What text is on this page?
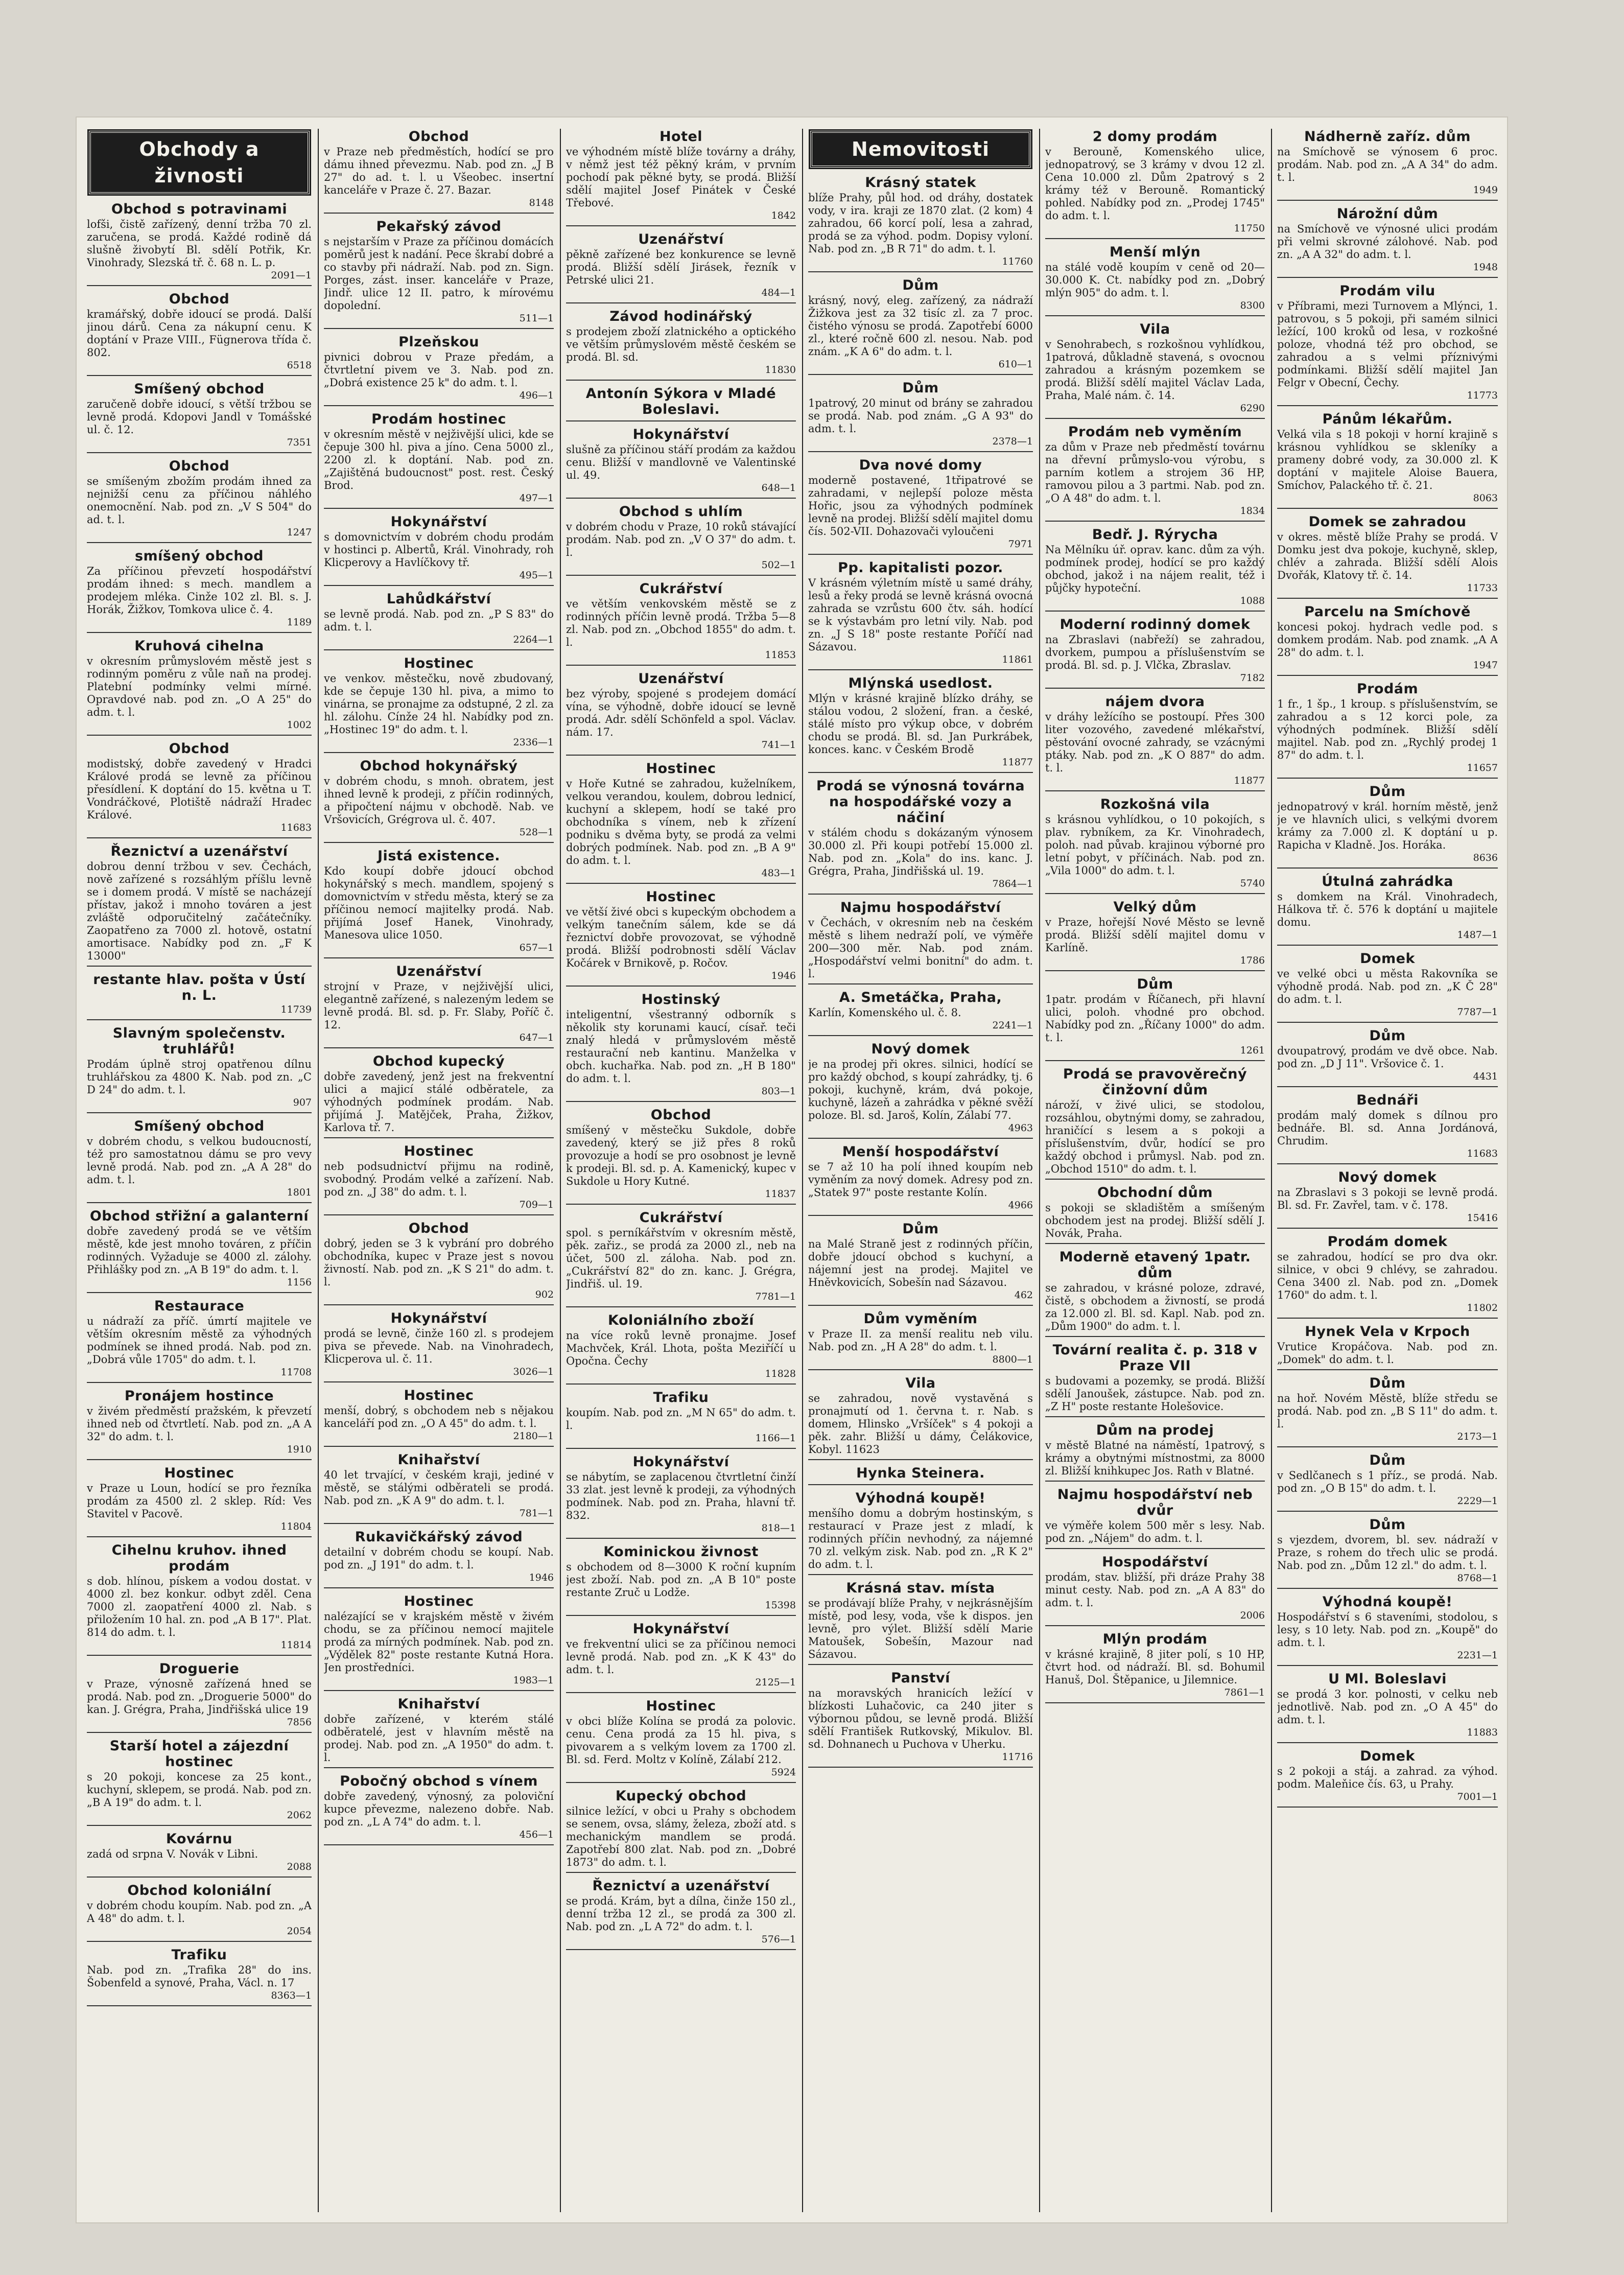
Obchody a živnosti
Obchod s potravinami

lofši, čistě zařízený, denní tržba 70 zl. zaručena, se prodá. Každé rodině dá slušně živobytí Bl. sdělí Potřik, Kr. Vinohrady, Slezská tř. č. 68 n. L. p.

2091—1
Obchod

kramářský, dobře idoucí se prodá. Další jinou dárů. Cena za nákupní cenu. K doptání v Praze VIII., Fügnerova třída č. 802.

6518
Smíšený obchod

zaručeně dobře idoucí, s větší tržbou se levně prodá. Kdopovi Jandl v Tomášské ul. č. 12.

7351
Obchod

se smíšeným zbožím prodám ihned za nejnižší cenu za příčinou náhlého onemocnění. Nab. pod zn. „V S 504" do ad. t. l.

1247
smíšený obchod

Za příčinou převzetí hospodářství prodám ihned: s mech. mandlem a prodejem mléka. Cinže 102 zl. Bl. s. J. Horák, Žižkov, Tomkova ulice č. 4.

1189
Kruhová cihelna

v okresním průmyslovém městě jest s rodinným poměru z vůle naň na prodej. Platební podmínky velmi mírné. Opravdové nab. pod zn. „O A 25" do adm. t. l.

1002
Obchod

modistský, dobře zavedený v Hradci Králové prodá se levně za příčinou přesídlení. K doptání do 15. května u T. Vondráčkové, Plotiště nádraží Hradec Králové.

11683
Řeznictví a uzenářství

dobrou denní tržbou v sev. Čechách, nově zařízené s rozsáhlým příšlu levně se i domem prodá. V místě se nacházejí přístav, jakož i mnoho továren a jest zvláště odporučitelný začátečníky. Zaopatřeno za 7000 zl. hotově, ostatní amortisace. Nabídky pod zn. „F K 13000"

restante hlav. pošta v Ústí n. L.
11739
Slavným společenstv. truhlářů!

Prodám úplně stroj opatřenou dílnu truhlářskou za 4800 K. Nab. pod zn. „C D 24" do adm. t. l.

907
Smíšený obchod

v dobrém chodu, s velkou budoucností, též pro samostatnou dámu se pro vevy levně prodá. Nab. pod zn. „A A 28" do adm. t. l.

1801
Obchod střižní a galanterní

dobře zavedený prodá se ve větším městě, kde jest mnoho továren, z příčin rodinných. Vyžaduje se 4000 zl. zálohy. Přihlášky pod zn. „A B 19" do adm. t. l.

1156
Restaurace

u nádraží za příč. úmrtí majitele ve větším okresním městě za výhodných podmínek se ihned prodá. Nab. pod zn. „Dobrá vůle 1705" do adm. t. l.

11708
Pronájem hostince

v živém předměstí pražském, k převzetí ihned neb od čtvrtletí. Nab. pod zn. „A A 32" do adm. t. l.

1910
Hostinec

v Praze u Loun, hodící se pro řezníka prodám za 4500 zl. 2 sklep. Ríd: Ves Stavitel v Pacově.

11804
Cihelnu kruhov. ihned prodám

s dob. hlínou, pískem a vodou dostat. v 4000 zl. bez konkur. odbyt zděl. Cena 7000 zl. zaopatření 4000 zl. Nab. s přiložením 10 hal. zn. pod „A B 17". Plat. 814 do adm. t. l.

11814
Droguerie

v Praze, výnosně zařízená hned se prodá. Nab. pod zn. „Droguerie 5000" do kan. J. Grégra, Praha, Jindřišská ulice 19

7856
Starší hotel a zájezdní hostinec

s 20 pokoji, koncese za 25 kont., kuchyní, sklepem, se prodá. Nab. pod zn. „B A 19" do adm. t. l.

2062
Kovárnu

zadá od srpna V. Novák v Libni.

2088
Obchod koloniální

v dobrém chodu koupím. Nab. pod zn. „A A 48" do adm. t. l.

2054
Trafiku

Nab. pod zn. „Trafika 28" do ins. Šobenfeld a synové, Praha, Václ. n. 17

8363—1
Obchod

v Praze neb předměstích, hodící se pro dámu ihned převezmu. Nab. pod zn. „J B 27" do ad. t. l. u Všeobec. insertní kanceláře v Praze č. 27. Bazar.

8148
Pekařský závod

s nejstarším v Praze za příčinou domácích poměrů jest k nadání. Pece škrabí dobré a co stavby při nádraží. Nab. pod zn. Sign. Porges, zást. inser. kanceláře v Praze, Jindř. ulice 12 II. patro, k mírovému dopolední.

511—1
Plzeňskou

pivnici dobrou v Praze předám, a čtvrtletní pivem ve 3. Nab. pod zn. „Dobrá existence 25 k" do adm. t. l.

496—1
Prodám hostinec

v okresním městě v nejživější ulici, kde se čepuje 300 hl. piva a jíno. Cena 5000 zl., 2200 zl. k doptání. Nab. pod zn. „Zajištěná budoucnost" post. rest. Český Brod.

497—1
Hokynářství

s domovnictvím v dobrém chodu prodám v hostinci p. Albertů, Král. Vinohrady, roh Klicperovy a Havlíčkovy tř.

495—1
Lahůdkářství

se levně prodá. Nab. pod zn. „P S 83" do adm. t. l.

2264—1
Hostinec

ve venkov. městečku, nově zbudovaný, kde se čepuje 130 hl. piva, a mimo to vinárna, se pronajme za odstupné, 2 zl. za hl. zálohu. Cínže 24 hl. Nabídky pod zn. „Hostinec 19" do adm. t. l.

2336—1
Obchod hokynářský

v dobrém chodu, s mnoh. obratem, jest ihned levně k prodeji, z příčin rodinných, a připočtení nájmu v obchodě. Nab. ve Vršovicích, Grégrova ul. č. 407.

528—1
Jistá existence.

Kdo koupí dobře jdoucí obchod hokynářský s mech. mandlem, spojený s domovnictvím v středu města, který se za příčinou nemocí majitelky prodá. Nab. přijímá Josef Hanek, Vinohrady, Manesova ulice 1050.

657—1
Uzenářství

strojní v Praze, v nejživější ulici, elegantně zařízené, s nalezeným ledem se levně prodá. Bl. sd. p. Fr. Slaby, Poříč č. 12.

647—1
Obchod kupecký

dobře zavedený, jenž jest na frekventní ulici a majicí stálé odběratele, za výhodných podmínek prodám. Nab. přijímá J. Matějček, Praha, Žižkov, Karlova tř. 7.

Hostinec

neb podsudnictví přijmu na rodině, svobodný. Prodám velké a zařízení. Nab. pod zn. „J 38" do adm. t. l.

709—1
Obchod

dobrý, jeden se 3 k vybrání pro dobrého obchodníka, kupec v Praze jest s novou živností. Nab. pod zn. „K S 21" do adm. t. l.

902
Hokynářství

prodá se levně, činže 160 zl. s prodejem piva se převede. Nab. na Vinohradech, Klicperova ul. č. 11.

3026—1
Hostinec

menší, dobrý, s obchodem neb s nějakou kanceláří pod zn. „O A 45" do adm. t. l.

2180—1
Knihařství

40 let trvající, v českém kraji, jediné v městě, se stálými odběrateli se prodá. Nab. pod zn. „K A 9" do adm. t. l.

781—1
Rukavičkářský závod

detailní v dobrém chodu se koupí. Nab. pod zn. „J 191" do adm. t. l.

1946
Hostinec

nalézající se v krajském městě v živém chodu, se za příčinou nemocí majitele prodá za mírných podmínek. Nab. pod zn. „Výdělek 82" poste restante Kutná Hora. Jen prostředníci.

1983—1
Knihařství

dobře zařízené, v kterém stálé odběratelé, jest v hlavním městě na prodej. Nab. pod zn. „A 1950" do adm. t. l.

Pobočný obchod s vínem

dobře zavedený, výnosný, za poloviční kupce převezme, nalezeno dobře. Nab. pod zn. „L A 74" do adm. t. l.

456—1
Hotel

ve výhodném místě blíže továrny a dráhy, v němž jest též pěkný krám, v prvním pochodí pak pěkné byty, se prodá. Bližší sdělí majitel Josef Pinátek v České Třebové.

1842
Uzenářství

pěkně zařízené bez konkurence se levně prodá. Bližší sdělí Jirásek, řezník v Petrské ulici 21.

484—1
Závod hodinářský

s prodejem zboží zlatnického a optického ve větším průmyslovém městě českém se prodá. Bl. sd.

11830
Antonín Sýkora v Mladé Boleslavi.
Hokynářství

slušně za příčinou stáří prodám za každou cenu. Bližší v mandlovně ve Valentinské ul. 49.

648—1
Obchod s uhlím

v dobrém chodu v Praze, 10 roků stávající prodám. Nab. pod zn. „V O 37" do adm. t. l.

502—1
Cukrářství

ve větším venkovském městě se z rodinných příčin levně prodá. Tržba 5—8 zl. Nab. pod zn. „Obchod 1855" do adm. t. l.

11853
Uzenářství

bez výroby, spojené s prodejem domácí vína, se výhodně, dobře idoucí se levně prodá. Adr. sdělí Schönfeld a spol. Václav. nám. 17.

741—1
Hostinec

v Hoře Kutné se zahradou, kuželníkem, velkou verandou, koulem, dobrou lednicí, kuchyní a sklepem, hodí se také pro obchodníka s vínem, neb k zřízení podniku s dvěma byty, se prodá za velmi dobrých podmínek. Nab. pod zn. „B A 9" do adm. t. l.

483—1
Hostinec

ve větší živé obci s kupeckým obchodem a velkým tanečním sálem, kde se dá řeznictví dobře provozovat, se výhodně prodá. Bližší podrobnosti sdělí Václav Kočárek v Brnikově, p. Ročov.

1946
Hostinský

inteligentní, všestranný odborník s několik sty korunami kaucí, císař. teči znalý hledá v průmyslovém městě restaurační neb kantinu. Manželka v obch. kuchařka. Nab. pod zn. „H B 180" do adm. t. l.

803—1
Obchod

smíšený v městečku Sukdole, dobře zavedený, který se již přes 8 roků provozuje a hodí se pro osobnost je levně k prodeji. Bl. sd. p. A. Kamenický, kupec v Sukdole u Hory Kutné.

11837
Cukrářství

spol. s perníkářstvím v okresním městě, pěk. zařiz., se prodá za 2000 zl., neb na účet, 500 zl. záloha. Nab. pod zn. „Cukrářství 82" do zn. kanc. J. Grégra, Jindřiš. ul. 19.

7781—1
Koloniálního zboží

na více roků levně pronajme. Josef Machvček, Král. Lhota, pošta Meziříčí u Opočna. Čechy

11828
Trafiku

koupím. Nab. pod zn. „M N 65" do adm. t. l.

1166—1
Hokynářství

se nábytím, se zaplacenou čtvrtletní činží 33 zlat. jest levně k prodeji, za výhodných podmínek. Nab. pod zn. Praha, hlavní tř. 832.

818—1
Kominickou živnost

s obchodem od 8—3000 K roční kupním jest zboží. Nab. pod zn. „A B 10" poste restante Zruč u Lodže.

15398
Hokynářství

ve frekventní ulici se za příčinou nemoci levně prodá. Nab. pod zn. „K K 43" do adm. t. l.

2125—1
Hostinec

v obci blíže Kolína se prodá za polovic. cenu. Cena prodá za 15 hl. piva, s pivovarem a s velkým lovem za 1700 zl. Bl. sd. Ferd. Moltz v Kolíně, Zálabí 212.

5924
Kupecký obchod

silnice ležící, v obci u Prahy s obchodem se senem, ovsa, slámy, železa, zboží atd. s mechanickým mandlem se prodá. Zapotřebí 800 zlat. Nab. pod zn. „Dobré 1873" do adm. t. l.

Řeznictví a uzenářství

se prodá. Krám, byt a dílna, činže 150 zl., denní tržba 12 zl., se prodá za 300 zl. Nab. pod zn. „L A 72" do adm. t. l.

576—1
Nemovitosti
Krásný statek

blíže Prahy, půl hod. od dráhy, dostatek vody, v ira. kraji ze 1870 zlat. (2 kom) 4 zahradou, 66 korcí polí, lesa a zahrad, prodá se za výhod. podm. Dopisy vyloní. Nab. pod zn. „B R 71" do adm. t. l.

11760
Dům

krásný, nový, eleg. zařízený, za nádraží Žižkova jest za 32 tisíc zl. za 7 proc. čistého výnosu se prodá. Zapotřebí 6000 zl., které ročně 600 zl. nesou. Nab. pod znám. „K A 6" do adm. t. l.

610—1
Dům

1patrový, 20 minut od brány se zahradou se prodá. Nab. pod znám. „G A 93" do adm. t. l.

2378—1
Dva nové domy

moderně postavené, 1třipatrové se zahradami, v nejlepší poloze města Hořic, jsou za výhodných podmínek levně na prodej. Bližší sdělí majitel domu čís. 502-VII. Dohazovači vyloučeni

7971
Pp. kapitalisti pozor.

V krásném výletním místě u samé dráhy, lesů a řeky prodá se levně krásná ovocná zahrada se vzrůstu 600 čtv. sáh. hodící se k výstavbám pro letní vily. Nab. pod zn. „J S 18" poste restante Poříčí nad Sázavou.

11861
Mlýnská usedlost.

Mlýn v krásné krajině blízko dráhy, se stálou vodou, 2 složení, fran. a české, stálé místo pro výkup obce, v dobrém chodu se prodá. Bl. sd. Jan Purkrábek, konces. kanc. v Českém Brodě

11877
Prodá se výnosná továrna na hospodářské vozy a náčiní

v stálém chodu s dokázaným výnosem 30.000 zl. Při koupi potřebí 15.000 zl. Nab. pod zn. „Kola" do ins. kanc. J. Grégra, Praha, Jindřišská ul. 19.

7864—1
Najmu hospodářství

v Čechách, v okresním neb na českém městě s lihem nedraží polí, ve výměře 200—300 měr. Nab. pod znám. „Hospodářství velmi bonitní" do adm. t. l.

A. Smetáčka, Praha,

Karlín, Komenského ul. č. 8.

2241—1
Nový domek

je na prodej při okres. silnici, hodící se pro každý obchod, s koupí zahrádky, tj. 6 pokoji, kuchyně, krám, dvá pokoje, kuchyně, lázeň a zahrádka v pěkné svěží poloze. Bl. sd. Jaroš, Kolín, Zálabí 77.

4963
Menší hospodářství

se 7 až 10 ha polí ihned koupím neb vyměním za nový domek. Adresy pod zn. „Statek 97" poste restante Kolín.

4966
Dům

na Malé Straně jest z rodinných příčin, dobře jdoucí obchod s kuchyní, a nájemní jest na prodej. Majitel ve Hněvkovicích, Sobešín nad Sázavou.

462
Dům vyměním

v Praze II. za menší realitu neb vilu. Nab. pod zn. „H A 28" do adm. t. l.

8800—1
Vila

se zahradou, nově vystavěná s pronajmutí od 1. června t. r. Nab. s domem, Hlinsko „Vršíček" s 4 pokoji a pěk. zahr. Bližší u dámy, Čelákovice, Kobyl. 11623

Hynka Steinera.
Výhodná koupě!

menšího domu a dobrým hostinským, s restaurací v Praze jest z mladí, k rodinných příčin nevhodný, za nájemné 70 zl. velkým zisk. Nab. pod zn. „R K 2" do adm. t. l.

Krásná stav. místa

se prodávají blíže Prahy, v nejkrásnějším místě, pod lesy, voda, vše k dispos. jen levně, pro výlet. Bližší sdělí Marie Matoušek, Sobešín, Mazour nad Sázavou.

Panství

na moravských hranicích ležící v blízkosti Luhačovic, ca 240 jiter s výbornou půdou, se levně prodá. Bližší sdělí František Rutkovský, Mikulov. Bl. sd. Dohnanech u Puchova v Uherku.

11716
2 domy prodám

v Berouně, Komenského ulice, jednopatrový, se 3 krámy v dvou 12 zl. Cena 10.000 zl. Dům 2patrový s 2 krámy též v Berouně. Romantický pohled. Nabídky pod zn. „Prodej 1745" do adm. t. l.

11750
Menší mlýn

na stálé vodě koupím v ceně od 20—30.000 K. Ct. nabídky pod zn. „Dobrý mlýn 905" do adm. t. l.

8300
Vila

v Senohrabech, s rozkošnou vyhlídkou, 1patrová, důkladně stavená, s ovocnou zahradou a krásným pozemkem se prodá. Bližší sdělí majitel Václav Lada, Praha, Malé nám. č. 14.

6290
Prodám neb vyměním

za dům v Praze neb předměstí továrnu na dřevní průmyslo-vou výrobu, s parním kotlem a strojem 36 HP, ramovou pilou a 3 partmi. Nab. pod zn. „O A 48" do adm. t. l.

1834
Bedř. J. Rýrycha

Na Mělníku úř. oprav. kanc. dům za výh. podmínek prodej, hodící se pro každý obchod, jakož i na nájem realit, též i půjčky hypoteční.

1088
Moderní rodinný domek

na Zbraslavi (nabřeží) se zahradou, dvorkem, pumpou a příslušenstvím se prodá. Bl. sd. p. J. Vlčka, Zbraslav.

7182
nájem dvora

v dráhy ležícího se postoupí. Přes 300 liter vozového, zavedené mlékařství, pěstování ovocné zahrady, se vzácnými ptáky. Nab. pod zn. „K O 887" do adm. t. l.

11877
Rozkošná vila

s krásnou vyhlídkou, o 10 pokojích, s plav. rybníkem, za Kr. Vinohradech, poloh. nad půvab. krajinou výborné pro letní pobyt, v příčinách. Nab. pod zn. „Vila 1000" do adm. t. l.

5740
Velký dům

v Praze, hořejší Nové Město se levně prodá. Bližší sdělí majitel domu v Karlíně.

1786
Dům

1patr. prodám v Říčanech, při hlavní ulici, poloh. vhodné pro obchod. Nabídky pod zn. „Říčany 1000" do adm. t. l.

1261
Prodá se pravověrečný činžovní dům

nároží, v živé ulici, se stodolou, rozsáhlou, obytnými domy, se zahradou, hraničící s lesem a s pokoji a příslušenstvím, dvůr, hodící se pro každý obchod i průmysl. Nab. pod zn. „Obchod 1510" do adm. t. l.

Obchodní dům

s pokoji se skladištěm a smíšeným obchodem jest na prodej. Bližší sdělí J. Novák, Praha.

Moderně etavený 1patr. dům

se zahradou, v krásné poloze, zdravé, čistě, s obchodem a živností, se prodá za 12.000 zl. Bl. sd. Kapl. Nab. pod zn. „Dům 1900" do adm. t. l.

Tovární realita č. p. 318 v Praze VII

s budovami a pozemky, se prodá. Bližší sdělí Janoušek, zástupce. Nab. pod zn. „Z H" poste restante Holešovice.

Dům na prodej

v městě Blatné na náměstí, 1patrový, s krámy a obytnými místnostmi, za 8000 zl. Bližší knihkupec Jos. Rath v Blatné.

Najmu hospodářství neb dvůr

ve výměře kolem 500 měr s lesy. Nab. pod zn. „Nájem" do adm. t. l.

Hospodářství

prodám, stav. bližší, při dráze Prahy 38 minut cesty. Nab. pod zn. „A A 83" do adm. t. l.

2006
Mlýn prodám

v krásné krajině, 8 jiter polí, s 10 HP, čtvrt hod. od nádraží. Bl. sd. Bohumil Hanuš, Dol. Štěpanice, u Jilemnice.

7861—1
Nádherně zaříz. dům

na Smíchově se výnosem 6 proc. prodám. Nab. pod zn. „A A 34" do adm. t. l.

1949
Nárožní dům

na Smíchově ve výnosné ulici prodám při velmi skrovné zálohové. Nab. pod zn. „A A 32" do adm. t. l.

1948
Prodám vilu

v Příbrami, mezi Turnovem a Mlýnci, 1. patrovou, s 5 pokoji, při samém silnici ležící, 100 kroků od lesa, v rozkošné poloze, vhodná též pro obchod, se zahradou a s velmi příznivými podmínkami. Bližší sdělí majitel Jan Felgr v Obecní, Čechy.

11773
Pánům lékařům.

Velká vila s 18 pokoji v horní krajině s krásnou vyhlídkou se skleníky a prameny dobré vody, za 30.000 zl. K doptání v majitele Aloise Bauera, Smíchov, Palackého tř. č. 21.

8063
Domek se zahradou

v okres. městě blíže Prahy se prodá. V Domku jest dva pokoje, kuchyně, sklep, chlév a zahrada. Bližší sdělí Alois Dvořák, Klatovy tř. č. 14.

11733
Parcelu na Smíchově

koncesi pokoj. hydrach vedle pod. s domkem prodám. Nab. pod znamk. „A A 28" do adm. t. l.

1947
Prodám

1 fr., 1 šp., 1 kroup. s příslušenstvím, se zahradou a s 12 korci pole, za výhodných podmínek. Bližší sdělí majitel. Nab. pod zn. „Rychlý prodej 1 87" do adm. t. l.

11657
Dům

jednopatrový v král. horním městě, jenž je ve hlavních ulici, s velkými dvorem krámy za 7.000 zl. K doptání u p. Rapicha v Kladně. Jos. Horáka.

8636
Útulná zahrádka

s domkem na Král. Vinohradech, Hálkova tř. č. 576 k doptání u majitele domu.

1487—1
Domek

ve velké obci u města Rakovníka se výhodně prodá. Nab. pod zn. „K Č 28" do adm. t. l.

7787—1
Dům

dvoupatrový, prodám ve dvě obce. Nab. pod zn. „D J 11". Vršovice č. 1.

4431
Bednáři

prodám malý domek s dílnou pro bednáře. Bl. sd. Anna Jordánová, Chrudim.

11683
Nový domek

na Zbraslavi s 3 pokoji se levně prodá. Bl. sd. Fr. Zavřel, tam. v č. 178.

15416
Prodám domek

se zahradou, hodící se pro dva okr. silnice, v obci 9 chlévy, se zahradou. Cena 3400 zl. Nab. pod zn. „Domek 1760" do adm. t. l.

11802
Hynek Vela v Krpoch

Vrutice Kropáčova. Nab. pod zn. „Domek" do adm. t. l.

Dům

na hoř. Novém Městě, blíže středu se prodá. Nab. pod zn. „B S 11" do adm. t. l.

2173—1
Dům

v Sedlčanech s 1 příz., se prodá. Nab. pod zn. „O B 15" do adm. t. l.

2229—1
Dům

s vjezdem, dvorem, bl. sev. nádraží v Praze, s rohem do třech ulic se prodá. Nab. pod zn. „Dům 12 zl." do adm. t. l.

8768—1
Výhodná koupě!

Hospodářství s 6 staveními, stodolou, s lesy, s 10 lety. Nab. pod zn. „Koupě" do adm. t. l.

2231—1
U Ml. Boleslavi

se prodá 3 kor. polnosti, v celku neb jednotlivě. Nab. pod zn. „O A 45" do adm. t. l.

11883
Domek

s 2 pokoji a stáj. a zahrad. za výhod. podm. Maleňice čís. 63, u Prahy.

7001—1
